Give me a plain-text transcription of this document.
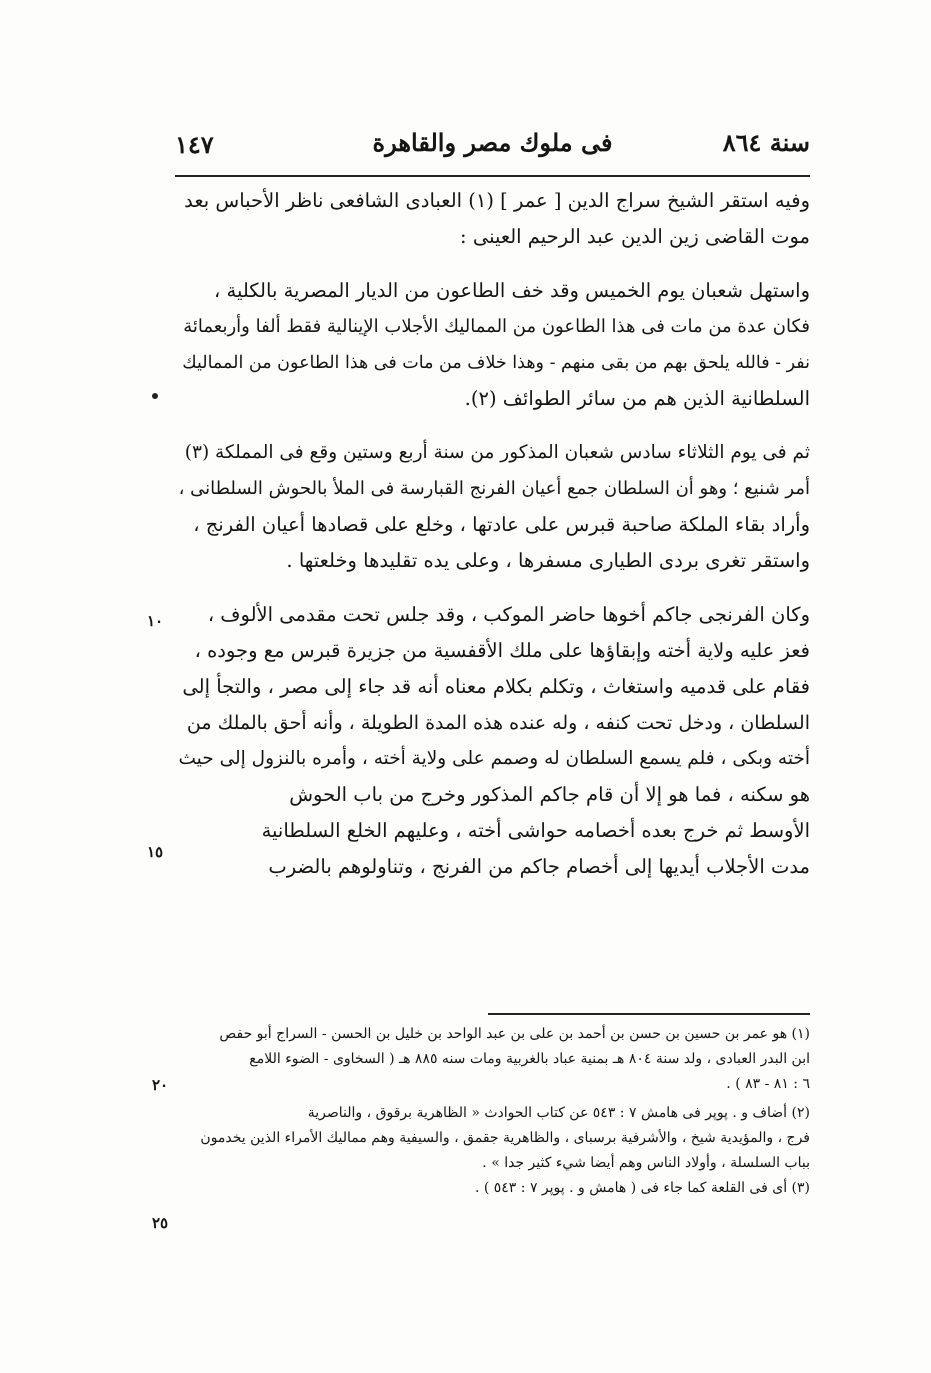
سنة ٨٦٤
فى ملوك مصر والقاهرة
١٤٧
وفيه استقر الشيخ سراج الدين [ عمر ] (١) العبادى الشافعى ناظر الأحباس بعد
موت القاضى زين الدين عبد الرحيم العينى :
واستهل شعبان يوم الخميس وقد خف الطاعون من الديار المصرية بالكلية ،
فكان عدة من مات فى هذا الطاعون من المماليك الأجلاب الإينالية فقط ألفا وأربعمائة
نفر - فالله يلحق بهم من بقى منهم - وهذا خلاف من مات فى هذا الطاعون من المماليك
السلطانية الذين هم من سائر الطوائف (٢).
ثم فى يوم الثلاثاء سادس شعبان المذكور من سنة أربع وستين وقع فى المملكة (٣)
أمر شنيع ؛ وهو أن السلطان جمع أعيان الفرنج القبارسة فى الملأ بالحوش السلطانى ،
وأراد بقاء الملكة صاحبة قبرس على عادتها ، وخلع على قصادها أعيان الفرنج ،
واستقر تغرى بردى الطيارى مسفرها ، وعلى يده تقليدها وخلعتها .
وكان الفرنجى جاكم أخوها حاضر الموكب ، وقد جلس تحت مقدمى الألوف ،
فعز عليه ولاية أخته وإبقاؤها على ملك الأقفسية من جزيرة قبرس مع وجوده ،
فقام على قدميه واستغاث ، وتكلم بكلام معناه أنه قد جاء إلى مصر ، والتجأ إلى
السلطان ، ودخل تحت كنفه ، وله عنده هذه المدة الطويلة ، وأنه أحق بالملك من
أخته وبكى ، فلم يسمع السلطان له وصمم على ولاية أخته ، وأمره بالنزول إلى حيث
هو سكنه ، فما هو إلا أن قام جاكم المذكور وخرج من باب الحوش
الأوسط ثم خرج بعده أخصامه حواشى أخته ، وعليهم الخلع السلطانية
مدت الأجلاب أيديها إلى أخصام جاكم من الفرنج ، وتناولوهم بالضرب
١٠
١٥
٢٠
(١) هو عمر بن حسين بن حسن بن أحمد بن على بن عبد الواحد بن خليل بن الحسن - السراج أبو حفص
ابن البدر العبادى ، ولد سنة ٨٠٤ هـ بمنية عباد بالغربية ومات سنه ٨٨٥ هـ ( السخاوى - الضوء اللامع
٦ : ٨١ - ٨٣ ) .
(٢) أضاف و . پوپر فى هامش ٧ : ٥٤٣ عن كتاب الحوادث « الظاهرية برقوق ، والناصرية
فرج ، والمؤيدية شيخ ، والأشرفية برسباى ، والظاهرية جقمق ، والسيفية وهم مماليك الأمراء الذين يخدمون
بباب السلسلة ، وأولاد الناس وهم أيضا شيء كثير جدا » .
(٣) أى فى القلعة كما جاء فى ( هامش و . پوپر ٧ : ٥٤٣ ) .
٢٥
